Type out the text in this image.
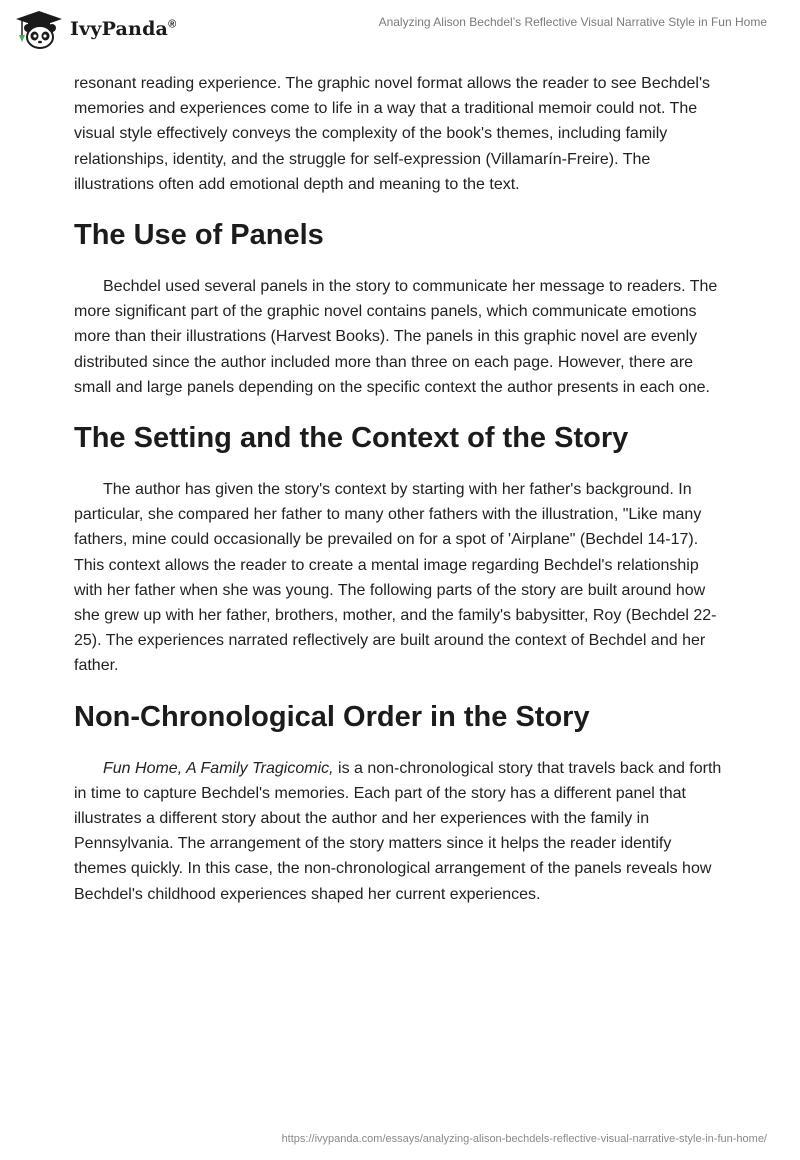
IvyPanda®	Analyzing Alison Bechdel’s Reflective Visual Narrative Style in Fun Home

resonant reading experience. The graphic novel format allows the reader to see Bechdel's memories and experiences come to life in a way that a traditional memoir could not. The visual style effectively conveys the complexity of the book's themes, including family relationships, identity, and the struggle for self-expression (Villamarín-Freire). The illustrations often add emotional depth and meaning to the text.

The Use of Panels

Bechdel used several panels in the story to communicate her message to readers. The more significant part of the graphic novel contains panels, which communicate emotions more than their illustrations (Harvest Books). The panels in this graphic novel are evenly distributed since the author included more than three on each page. However, there are small and large panels depending on the specific context the author presents in each one.

The Setting and the Context of the Story

The author has given the story's context by starting with her father's background. In particular, she compared her father to many other fathers with the illustration, "Like many fathers, mine could occasionally be prevailed on for a spot of 'Airplane" (Bechdel 14-17). This context allows the reader to create a mental image regarding Bechdel's relationship with her father when she was young. The following parts of the story are built around how she grew up with her father, brothers, mother, and the family's babysitter, Roy (Bechdel 22-25). The experiences narrated reflectively are built around the context of Bechdel and her father.

Non-Chronological Order in the Story

Fun Home, A Family Tragicomic, is a non-chronological story that travels back and forth in time to capture Bechdel's memories. Each part of the story has a different panel that illustrates a different story about the author and her experiences with the family in Pennsylvania. The arrangement of the story matters since it helps the reader identify themes quickly. In this case, the non-chronological arrangement of the panels reveals how Bechdel's childhood experiences shaped her current experiences.

https://ivypanda.com/essays/analyzing-alison-bechdels-reflective-visual-narrative-style-in-fun-home/
